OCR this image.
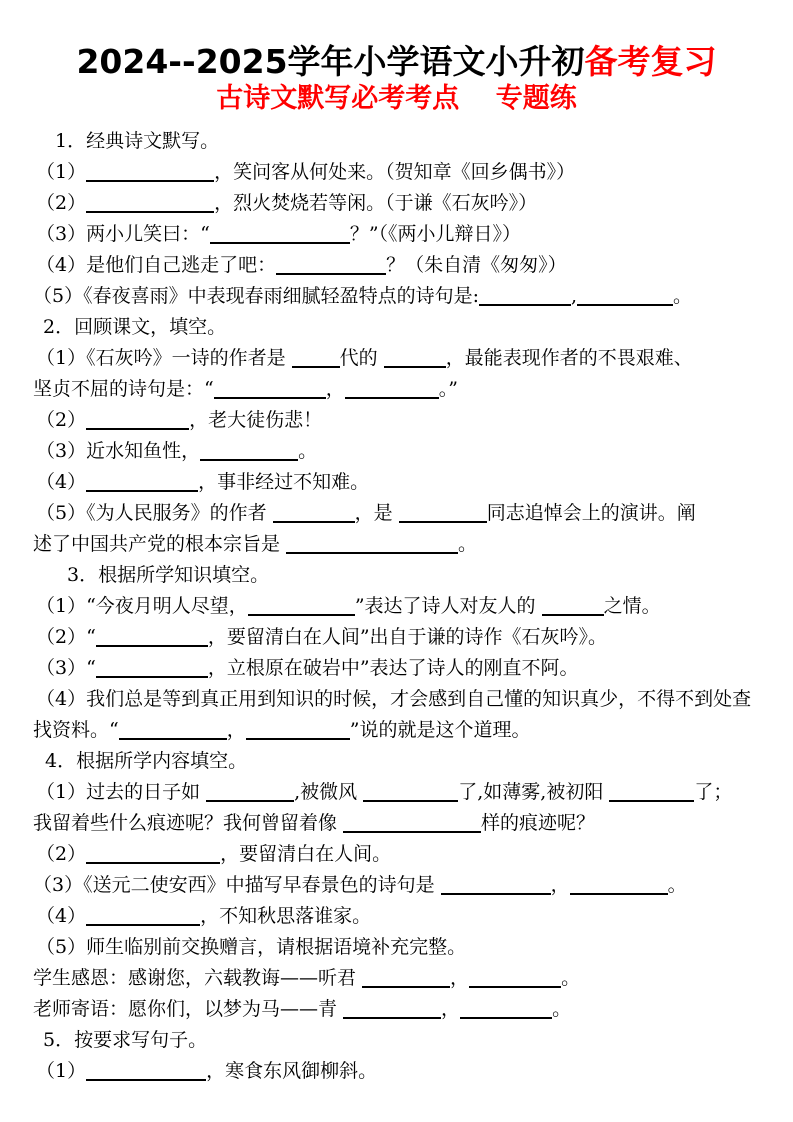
2024--2025学年小学语文小升初备考复习
古诗文默写必考考点　 专题练
1．经典诗文默写。
（1）	，笑问客从何处来。（贺知章《回乡偶书》）
（2）	，烈火焚烧若等闲。（于谦《石灰吟》）
（3）两小儿笑曰：“	？”（《两小儿辩日》）
（4）是他们自己逃走了吧：	？（朱自清《匆匆》）
（5）《春夜喜雨》中表现春雨细腻轻盈特点的诗句是:	,	。
2．回顾课文，填空。
（1）《石灰吟》一诗的作者是	代的	，最能表现作者的不畏艰难、
坚贞不屈的诗句是：“	，	。”
（2）	，老大徒伤悲！
（3）近水知鱼性，	。
（4）	，事非经过不知难。
（5）《为人民服务》的作者	，是	同志追悼会上的演讲。阐
述了中国共产党的根本宗旨是	。
3．根据所学知识填空。
（1）“今夜月明人尽望，	”表达了诗人对友人的	之情。
（2）“	，要留清白在人间”出自于谦的诗作《石灰吟》。
（3）“	，立根原在破岩中”表达了诗人的刚直不阿。
（4）我们总是等到真正用到知识的时候，才会感到自己懂的知识真少，不得不到处查
找资料。“	，	”说的就是这个道理。
4．根据所学内容填空。
（1）过去的日子如	,被微风	了,如薄雾,被初阳	了；
我留着些什么痕迹呢？我何曾留着像	样的痕迹呢？
（2）	，要留清白在人间。
（3）《送元二使安西》中描写早春景色的诗句是	，	。
（4）	，不知秋思落谁家。
（5）师生临别前交换赠言，请根据语境补充完整。
学生感恩：感谢您，六载教诲——听君	，	。
老师寄语：愿你们，以梦为马——青	，	。
5．按要求写句子。
（1）	，寒食东风御柳斜。
